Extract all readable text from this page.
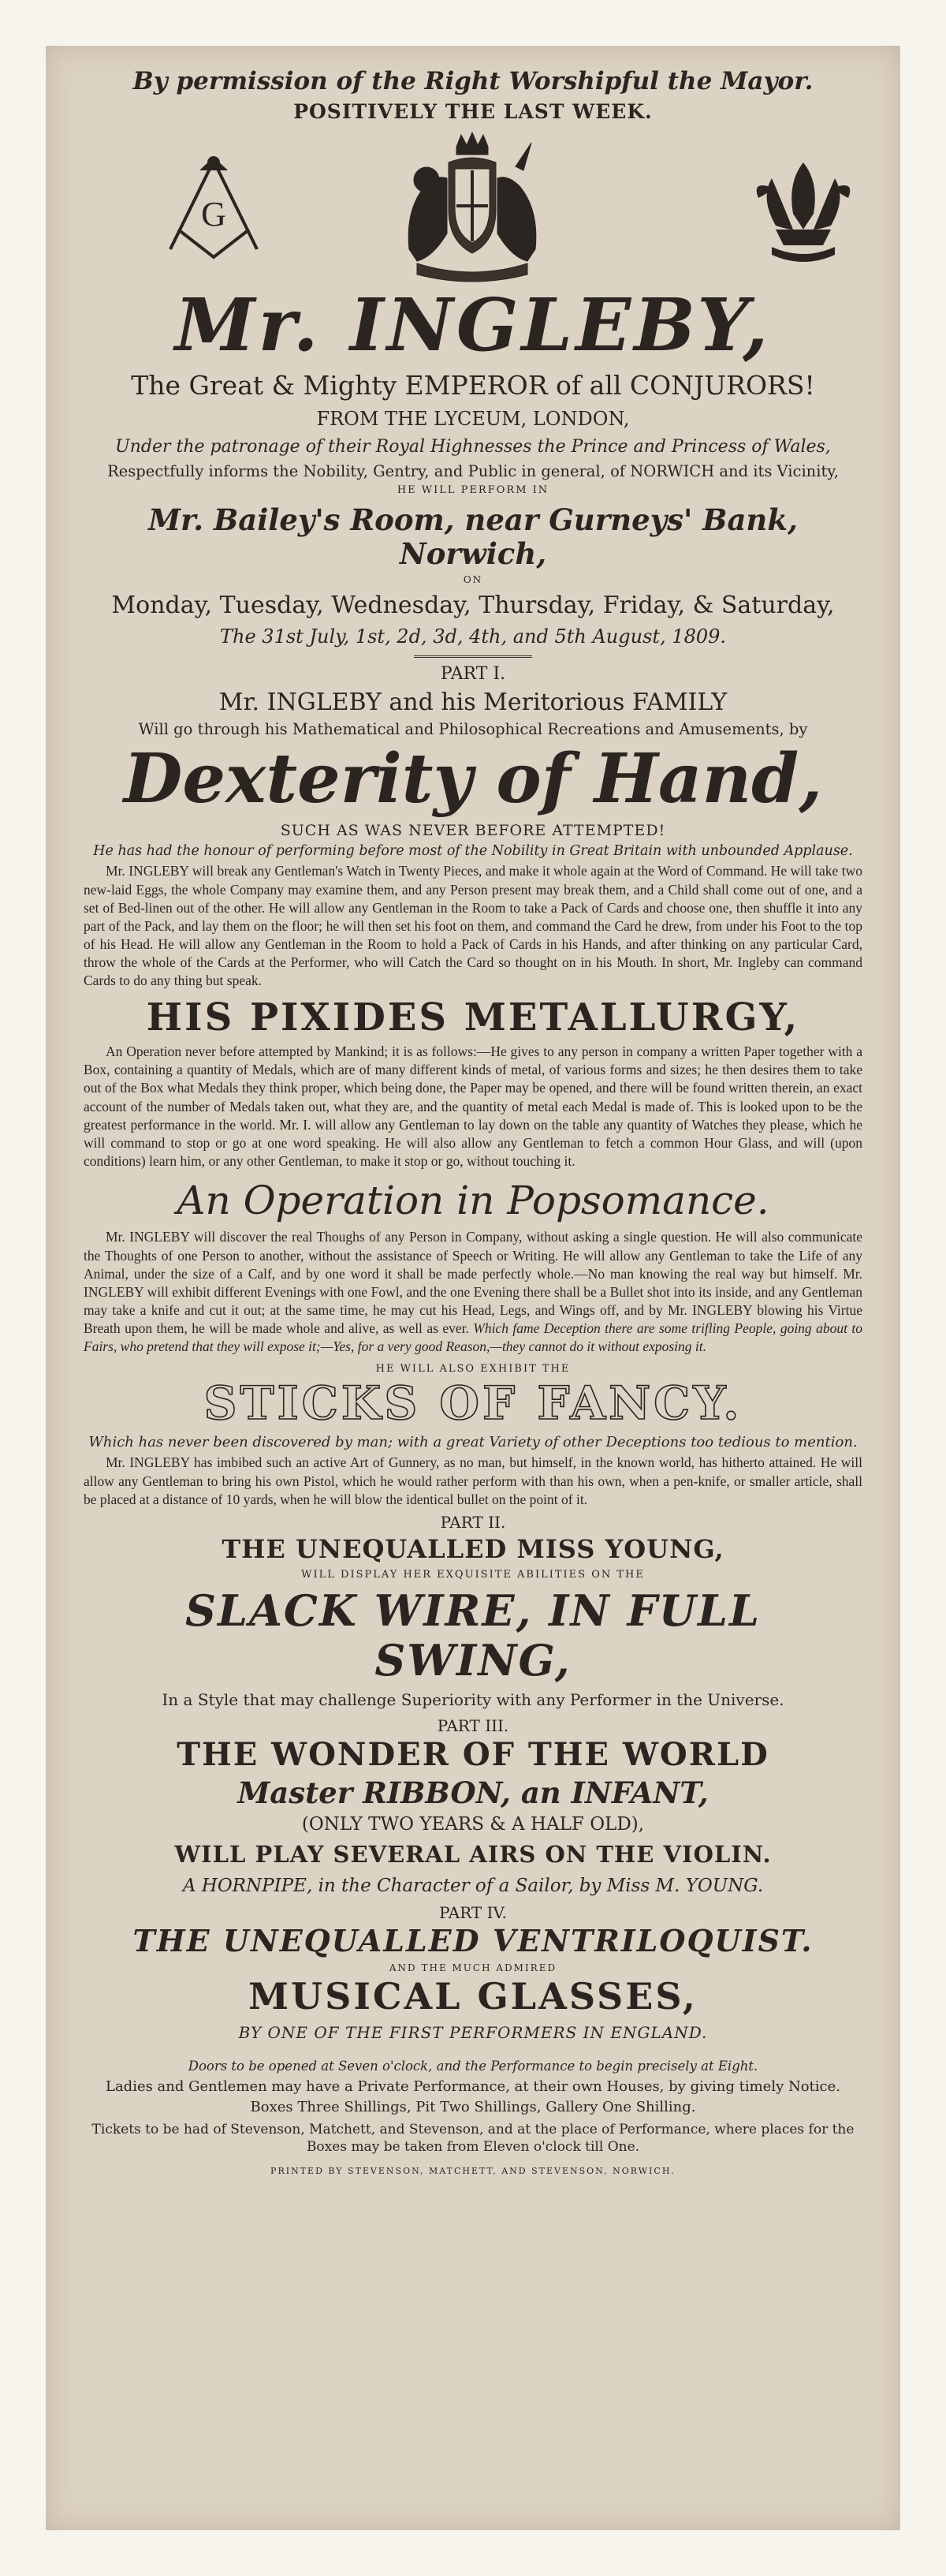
By permission of the Right Worshipful the Mayor.

POSITIVELY THE LAST WEEK.

G

Mr. INGLEBY,

The Great & Mighty EMPEROR of all CONJURORS!

FROM THE LYCEUM, LONDON,

Under the patronage of their Royal Highnesses the Prince and Princess of Wales,

Respectfully informs the Nobility, Gentry, and Public in general, of NORWICH and its Vicinity,

HE WILL PERFORM IN

Mr. Bailey's Room, near Gurneys' Bank, Norwich,

ON

Monday, Tuesday, Wednesday, Thursday, Friday, & Saturday,

The 31st July, 1st, 2d, 3d, 4th, and 5th August, 1809.

PART I.

Mr. INGLEBY and his Meritorious FAMILY

Will go through his Mathematical and Philosophical Recreations and Amusements, by

Dexterity of Hand,

SUCH AS WAS NEVER BEFORE ATTEMPTED!

He has had the honour of performing before most of the Nobility in Great Britain with unbounded Applause.

Mr. INGLEBY will break any Gentleman's Watch in Twenty Pieces, and make it whole again at the Word of Command. He will take two new-laid Eggs, the whole Company may examine them, and any Person present may break them, and a Child shall come out of one, and a set of Bed-linen out of the other. He will allow any Gentleman in the Room to take a Pack of Cards and choose one, then shuffle it into any part of the Pack, and lay them on the floor; he will then set his foot on them, and command the Card he drew, from under his Foot to the top of his Head. He will allow any Gentleman in the Room to hold a Pack of Cards in his Hands, and after thinking on any particular Card, throw the whole of the Cards at the Performer, who will Catch the Card so thought on in his Mouth. In short, Mr. Ingleby can command Cards to do any thing but speak.

HIS PIXIDES METALLURGY,

An Operation never before attempted by Mankind; it is as follows:—He gives to any person in company a written Paper together with a Box, containing a quantity of Medals, which are of many different kinds of metal, of various forms and sizes; he then desires them to take out of the Box what Medals they think proper, which being done, the Paper may be opened, and there will be found written therein, an exact account of the number of Medals taken out, what they are, and the quantity of metal each Medal is made of. This is looked upon to be the greatest performance in the world. Mr. I. will allow any Gentleman to lay down on the table any quantity of Watches they please, which he will command to stop or go at one word speaking. He will also allow any Gentleman to fetch a common Hour Glass, and will (upon conditions) learn him, or any other Gentleman, to make it stop or go, without touching it.

An Operation in Popsomance.

Mr. INGLEBY will discover the real Thoughs of any Person in Company, without asking a single question. He will also communicate the Thoughts of one Person to another, without the assistance of Speech or Writing. He will allow any Gentleman to take the Life of any Animal, under the size of a Calf, and by one word it shall be made perfectly whole.—No man knowing the real way but himself. Mr. INGLEBY will exhibit different Evenings with one Fowl, and the one Evening there shall be a Bullet shot into its inside, and any Gentleman may take a knife and cut it out; at the same time, he may cut his Head, Legs, and Wings off, and by Mr. INGLEBY blowing his Virtue Breath upon them, he will be made whole and alive, as well as ever. Which fame Deception there are some trifling People, going about to Fairs, who pretend that they will expose it;—Yes, for a very good Reason,—they cannot do it without exposing it.

HE WILL ALSO EXHIBIT THE

STICKS OF FANCY.

Which has never been discovered by man; with a great Variety of other Deceptions too tedious to mention.

Mr. INGLEBY has imbibed such an active Art of Gunnery, as no man, but himself, in the known world, has hitherto attained. He will allow any Gentleman to bring his own Pistol, which he would rather perform with than his own, when a pen-knife, or smaller article, shall be placed at a distance of 10 yards, when he will blow the identical bullet on the point of it.

PART II.

THE UNEQUALLED MISS YOUNG,

WILL DISPLAY HER EXQUISITE ABILITIES ON THE

SLACK WIRE, IN FULL SWING,

In a Style that may challenge Superiority with any Performer in the Universe.

PART III.

THE WONDER OF THE WORLD

Master RIBBON, an INFANT,

(ONLY TWO YEARS & A HALF OLD),

WILL PLAY SEVERAL AIRS ON THE VIOLIN.

A HORNPIPE, in the Character of a Sailor, by Miss M. YOUNG.

PART IV.

THE UNEQUALLED VENTRILOQUIST.

AND THE MUCH ADMIRED

MUSICAL GLASSES,

BY ONE OF THE FIRST PERFORMERS IN ENGLAND.

Doors to be opened at Seven o'clock, and the Performance to begin precisely at Eight.

Ladies and Gentlemen may have a Private Performance, at their own Houses, by giving timely Notice.

Boxes Three Shillings, Pit Two Shillings, Gallery One Shilling.

Tickets to be had of Stevenson, Matchett, and Stevenson, and at the place of Performance, where places for the Boxes may be taken from Eleven o'clock till One.

PRINTED BY STEVENSON, MATCHETT, AND STEVENSON, NORWICH.
